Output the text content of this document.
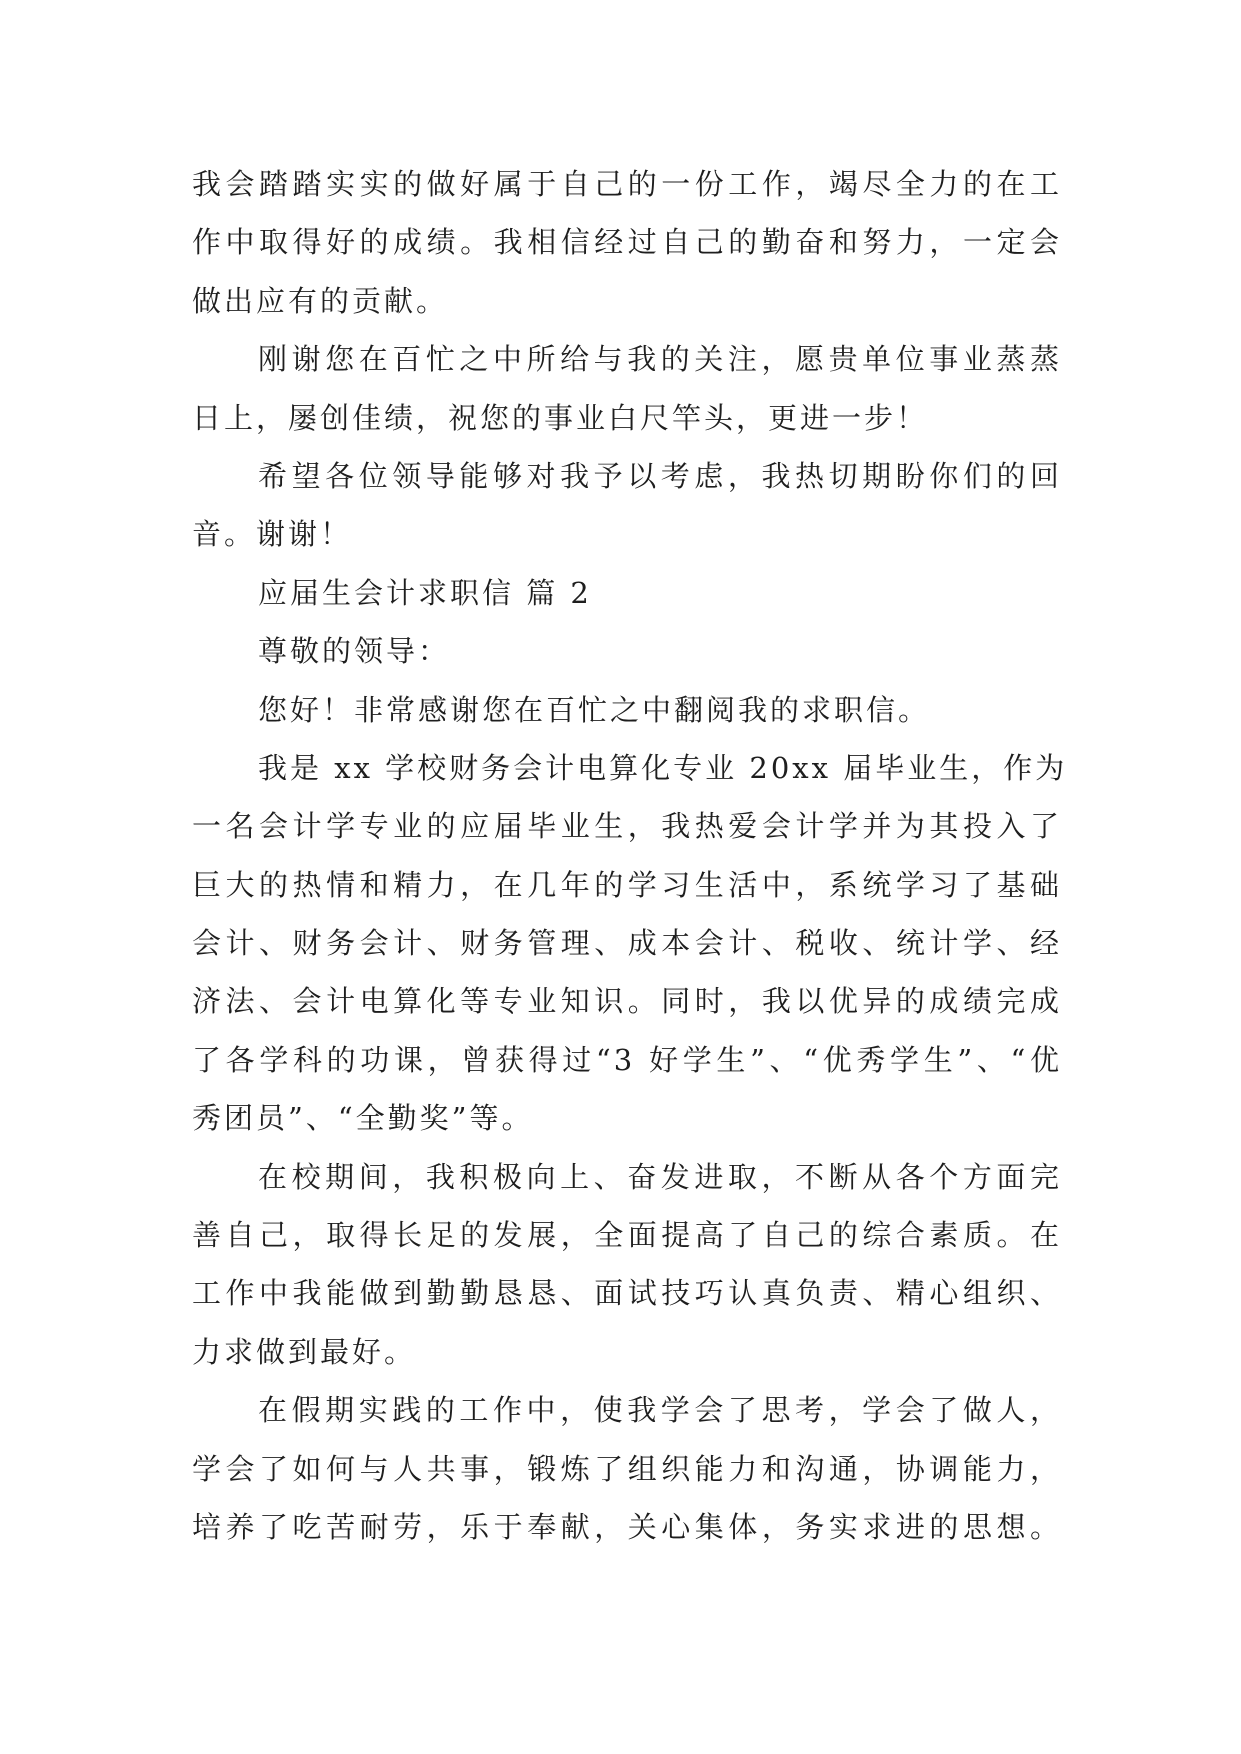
我会踏踏实实的做好属于自己的一份工作，竭尽全力的在工
作中取得好的成绩。我相信经过自己的勤奋和努力，一定会
做出应有的贡献。
刚谢您在百忙之中所给与我的关注，愿贵单位事业蒸蒸
日上，屡创佳绩，祝您的事业白尺竿头，更进一步！
希望各位领导能够对我予以考虑，我热切期盼你们的回
音。谢谢！
应届生会计求职信 篇 2
尊敬的领导：
您好！非常感谢您在百忙之中翻阅我的求职信。
我是 xx 学校财务会计电算化专业 20xx 届毕业生，作为
一名会计学专业的应届毕业生，我热爱会计学并为其投入了
巨大的热情和精力，在几年的学习生活中，系统学习了基础
会计、财务会计、财务管理、成本会计、税收、统计学、经
济法、会计电算化等专业知识。同时，我以优异的成绩完成
了各学科的功课，曾获得过“3 好学生”、“优秀学生”、“优
秀团员”、“全勤奖”等。
在校期间，我积极向上、奋发进取，不断从各个方面完
善自己，取得长足的发展，全面提高了自己的综合素质。在
工作中我能做到勤勤恳恳、面试技巧认真负责、精心组织、
力求做到最好。
在假期实践的工作中，使我学会了思考，学会了做人，
学会了如何与人共事，锻炼了组织能力和沟通，协调能力，
培养了吃苦耐劳，乐于奉献，关心集体，务实求进的思想。
